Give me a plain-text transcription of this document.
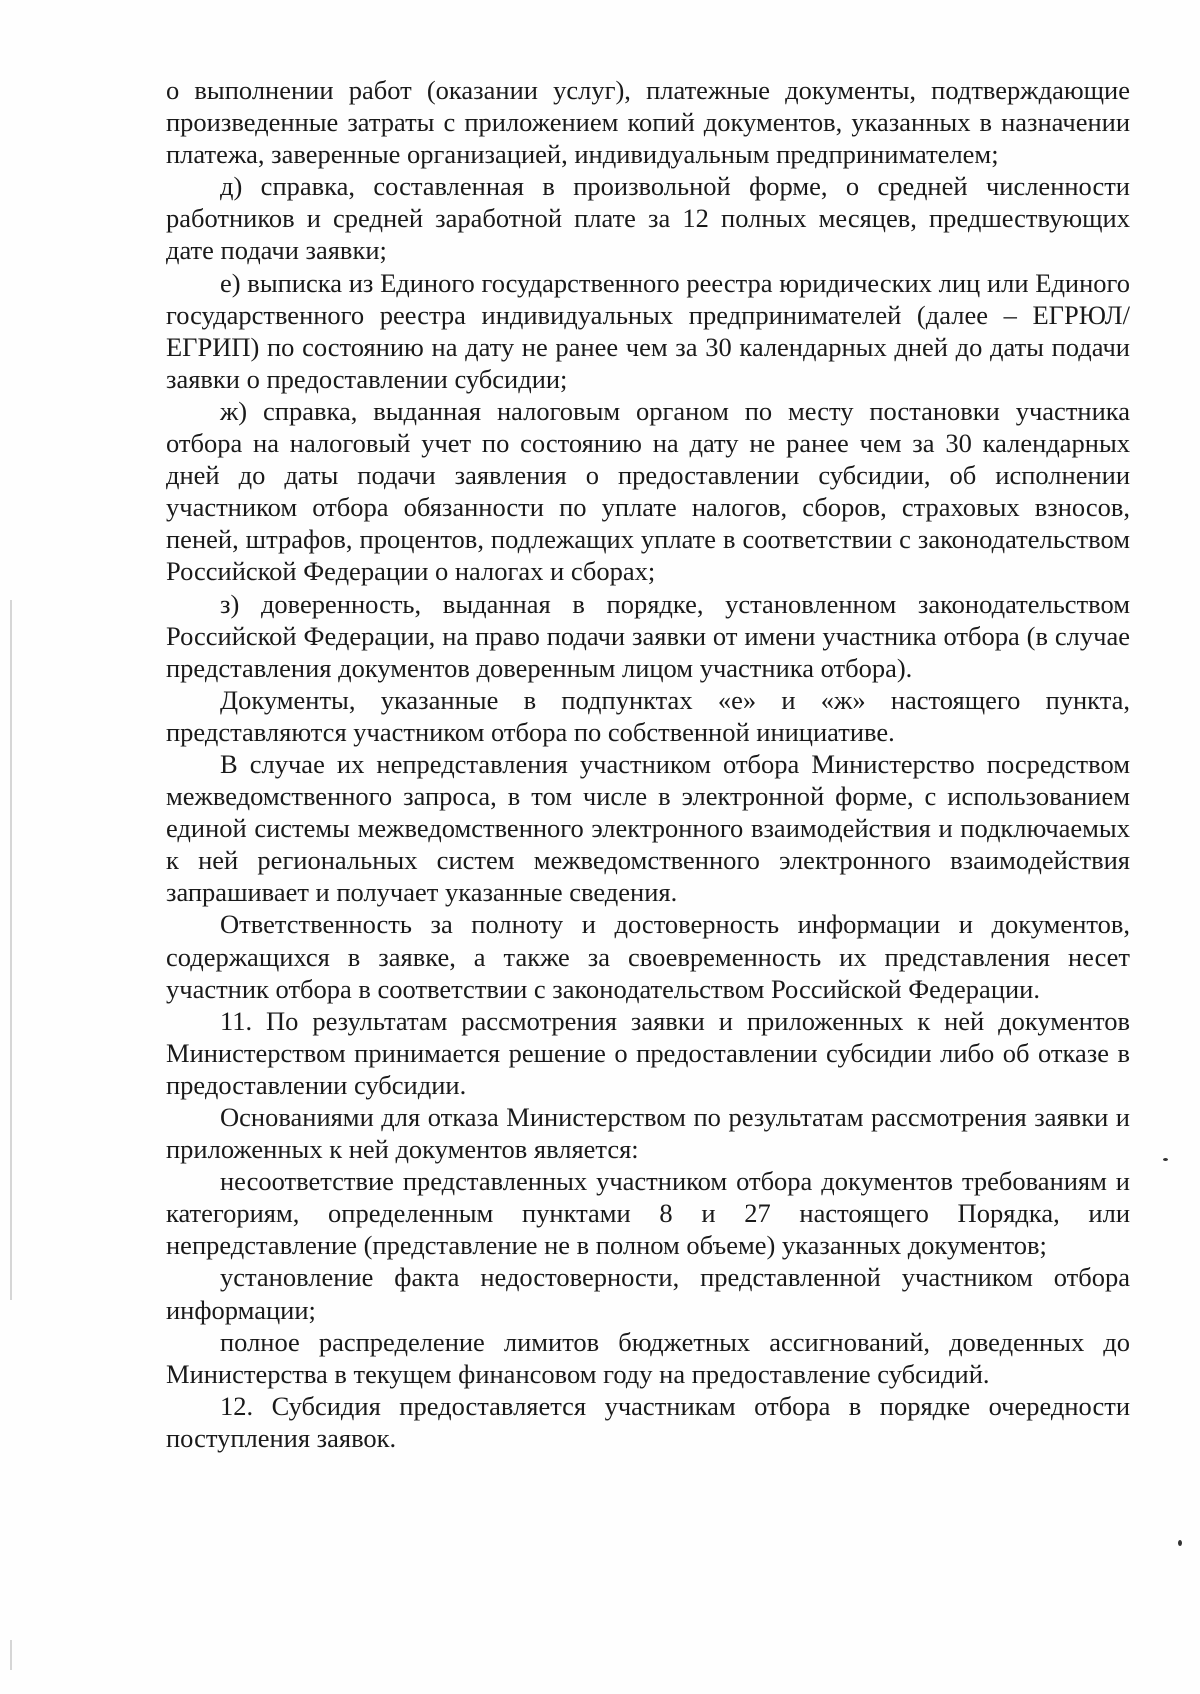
о выполнении работ (оказании услуг), платежные документы, подтверждающие произведенные затраты с приложением копий документов, указанных в назначении платежа, заверенные организацией, индивидуальным предпринимателем;

д) справка, составленная в произвольной форме, о средней численности работников и средней заработной плате за 12 полных месяцев, предшествующих дате подачи заявки;

е) выписка из Единого государственного реестра юридических лиц или Единого государственного реестра индивидуальных предпринимателей (далее – ЕГРЮЛ/ЕГРИП) по состоянию на дату не ранее чем за 30 календарных дней до даты подачи заявки о предоставлении субсидии;

ж) справка, выданная налоговым органом по месту постановки участника отбора на налоговый учет по состоянию на дату не ранее чем за 30 календарных дней до даты подачи заявления о предоставлении субсидии, об исполнении участником отбора обязанности по уплате налогов, сборов, страховых взносов, пеней, штрафов, процентов, подлежащих уплате в соответствии с законодательством Российской Федерации о налогах и сборах;

з) доверенность, выданная в порядке, установленном законодательством Российской Федерации, на право подачи заявки от имени участника отбора (в случае представления документов доверенным лицом участника отбора).

Документы, указанные в подпунктах «е» и «ж» настоящего пункта, представляются участником отбора по собственной инициативе.

В случае их непредставления участником отбора Министерство посредством межведомственного запроса, в том числе в электронной форме, с использованием единой системы межведомственного электронного взаимодействия и подключаемых к ней региональных систем межведомственного электронного взаимодействия запрашивает и получает указанные сведения.

Ответственность за полноту и достоверность информации и документов, содержащихся в заявке, а также за своевременность их представления несет участник отбора в соответствии с законодательством Российской Федерации.

11. По результатам рассмотрения заявки и приложенных к ней документов Министерством принимается решение о предоставлении субсидии либо об отказе в предоставлении субсидии.

Основаниями для отказа Министерством по результатам рассмотрения заявки и приложенных к ней документов является:

несоответствие представленных участником отбора документов требованиям и категориям, определенным пунктами 8 и 27 настоящего Порядка, или непредставление (представление не в полном объеме) указанных документов;

установление факта недостоверности, представленной участником отбора информации;

полное распределение лимитов бюджетных ассигнований, доведенных до Министерства в текущем финансовом году на предоставление субсидий.

12. Субсидия предоставляется участникам отбора в порядке очередности поступления заявок.
